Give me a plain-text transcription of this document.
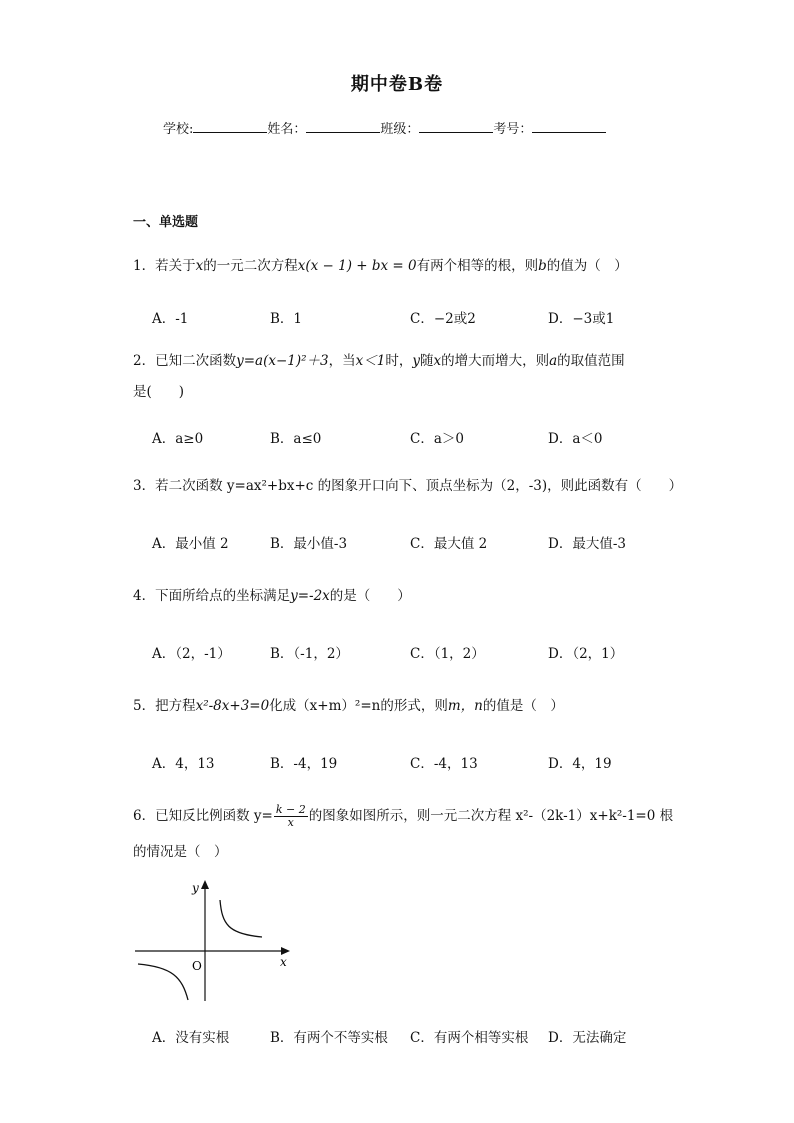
期中卷B卷
学校:	姓名：	班级：	考号：
一、单选题
1．若关于x的一元二次方程x(x − 1) + bx = 0有两个相等的根，则b的值为（　）
A．-1	B．1	C．−2或2	D．−3或1
2．已知二次函数y=a(x−1)²＋3，当x＜1时，y随x的增大而增大，则a的取值范围
是(　　)
A．a≥0	B．a≤0	C．a＞0	D．a＜0
3．若二次函数 y=ax²+bx+c 的图象开口向下、顶点坐标为（2，-3)，则此函数有（　　）
A．最小值 2	B．最小值-3	C．最大值 2	D．最大值-3
4．下面所给点的坐标满足y=-2x的是（　　）
A．（2，-1）	B．（-1，2）	C．（1，2）	D．（2，1）
5．把方程x²-8x+3=0化成（x+m）²=n的形式，则m，n的值是（　）
A．4，13	B．-4，19	C．-4，13	D．4，19
6．已知反比例函数 $y= \frac{k - 2}{x}$ 的图象如图所示，则一元二次方程 x²-（2k-1）x+k²-1=0 根
的情况是（　）
y
x
O
A．没有实根	B．有两个不等实根 C．有两个相等实根 D．无法确定
